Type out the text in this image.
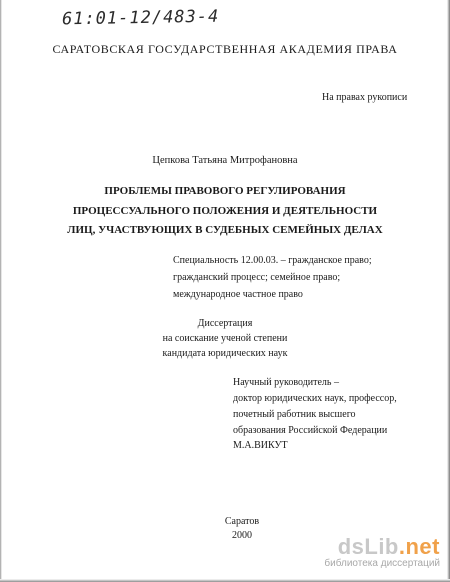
61:01-12/483-4
САРАТОВСКАЯ ГОСУДАРСТВЕННАЯ АКАДЕМИЯ ПРАВА
На правах рукописи
Цепкова Татьяна Митрофановна
ПРОБЛЕМЫ ПРАВОВОГО РЕГУЛИРОВАНИЯ
ПРОЦЕССУАЛЬНОГО ПОЛОЖЕНИЯ И ДЕЯТЕЛЬНОСТИ
ЛИЦ, УЧАСТВУЮЩИХ В СУДЕБНЫХ СЕМЕЙНЫХ ДЕЛАХ
Специальность 12.00.03. – гражданское право;
гражданский процесс; семейное право;
международное частное право
Диссертация
на соискание ученой степени
кандидата юридических наук
Научный руководитель –
доктор юридических наук, профессор,
почетный работник высшего
образования Российской Федерации
М.А.ВИКУТ
Саратов
2000	dsLib.net
библиотека диссертаций
